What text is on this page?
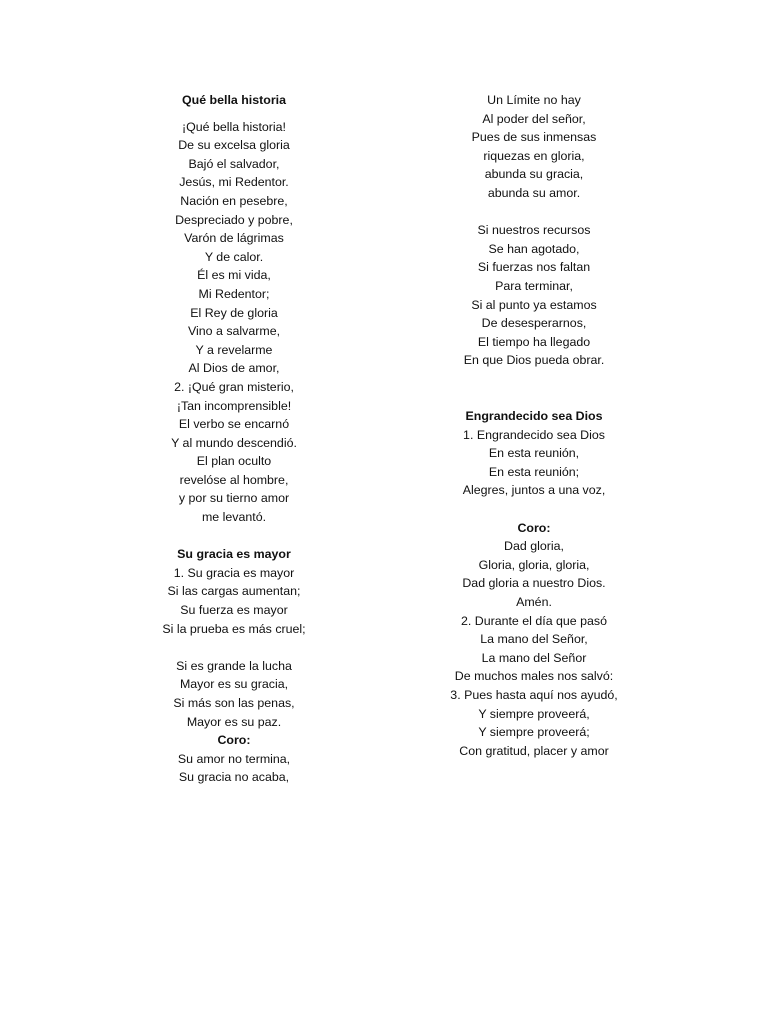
Qué bella historia
¡Qué bella historia!
De su excelsa gloria
Bajó el salvador,
Jesús, mi Redentor.
Nación en pesebre,
Despreciado y pobre,
Varón de lágrimas
Y de calor.
Él es mi vida,
Mi Redentor;
El Rey de gloria
Vino a salvarme,
Y a revelarme
Al Dios de amor,
2. ¡Qué gran misterio,
¡Tan incomprensible!
El verbo se encarnó
Y al mundo descendió.
El plan oculto
revelóse al hombre,
y por su tierno amor
me levantó.
Su gracia es mayor
1. Su gracia es mayor
Si las cargas aumentan;
Su fuerza es mayor
Si la prueba es más cruel;
Si es grande la lucha
Mayor es su gracia,
Si más son las penas,
Mayor es su paz.
Coro:
Su amor no termina,
Su gracia no acaba,
Un Límite no hay
Al poder del señor,
Pues de sus inmensas
riquezas en gloria,
abunda su gracia,
abunda su amor.
Si nuestros recursos
Se han agotado,
Si fuerzas nos faltan
Para terminar,
Si al punto ya estamos
De desesperarnos,
El tiempo ha llegado
En que Dios pueda obrar.
Engrandecido sea Dios
1. Engrandecido sea Dios
En esta reunión,
En esta reunión;
Alegres, juntos a una voz,
Coro:
Dad gloria,
Gloria, gloria, gloria,
Dad gloria a nuestro Dios.
Amén.
2. Durante el día que pasó
La mano del Señor,
La mano del Señor
De muchos males nos salvó:
3. Pues hasta aquí nos ayudó,
Y siempre proveerá,
Y siempre proveerá;
Con gratitud, placer y amor
